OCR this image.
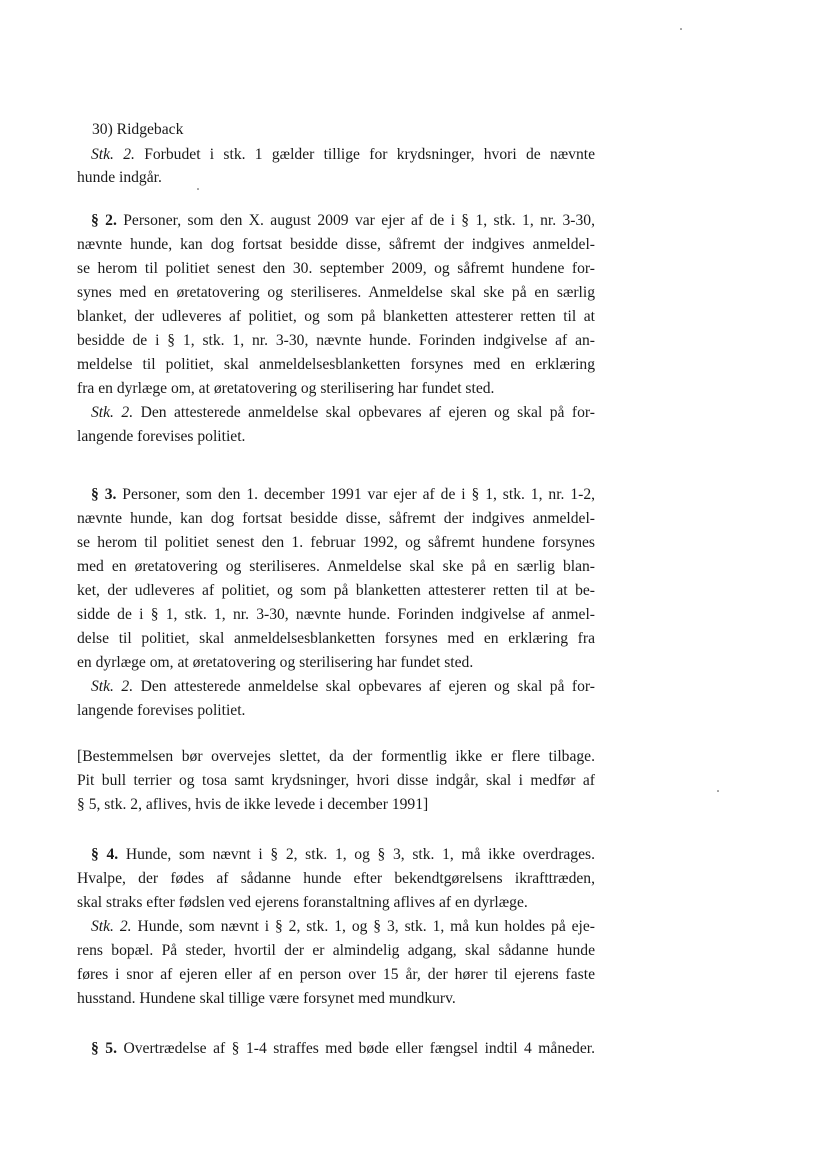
30) Ridgeback
Stk. 2. Forbudet i stk. 1 gælder tillige for krydsninger, hvori de nævnte
hunde indgår.
§ 2. Personer, som den X. august 2009 var ejer af de i § 1, stk. 1, nr. 3-30,
nævnte hunde, kan dog fortsat besidde disse, såfremt der indgives anmeldel-
se herom til politiet senest den 30. september 2009, og såfremt hundene for-
synes med en øretatovering og steriliseres. Anmeldelse skal ske på en særlig
blanket, der udleveres af politiet, og som på blanketten attesterer retten til at
besidde de i § 1, stk. 1, nr. 3-30, nævnte hunde. Forinden indgivelse af an-
meldelse til politiet, skal anmeldelsesblanketten forsynes med en erklæring
fra en dyrlæge om, at øretatovering og sterilisering har fundet sted.
Stk. 2. Den attesterede anmeldelse skal opbevares af ejeren og skal på for-
langende forevises politiet.
§ 3. Personer, som den 1. december 1991 var ejer af de i § 1, stk. 1, nr. 1-2,
nævnte hunde, kan dog fortsat besidde disse, såfremt der indgives anmeldel-
se herom til politiet senest den 1. februar 1992, og såfremt hundene forsynes
med en øretatovering og steriliseres. Anmeldelse skal ske på en særlig blan-
ket, der udleveres af politiet, og som på blanketten attesterer retten til at be-
sidde de i § 1, stk. 1, nr. 3-30, nævnte hunde. Forinden indgivelse af anmel-
delse til politiet, skal anmeldelsesblanketten forsynes med en erklæring fra
en dyrlæge om, at øretatovering og sterilisering har fundet sted.
Stk. 2. Den attesterede anmeldelse skal opbevares af ejeren og skal på for-
langende forevises politiet.
[Bestemmelsen bør overvejes slettet, da der formentlig ikke er flere tilbage.
Pit bull terrier og tosa samt krydsninger, hvori disse indgår, skal i medfør af
§ 5, stk. 2, aflives, hvis de ikke levede i december 1991]
§ 4. Hunde, som nævnt i § 2, stk. 1, og § 3, stk. 1, må ikke overdrages.
Hvalpe, der fødes af sådanne hunde efter bekendtgørelsens ikrafttræden,
skal straks efter fødslen ved ejerens foranstaltning aflives af en dyrlæge.
Stk. 2. Hunde, som nævnt i § 2, stk. 1, og § 3, stk. 1, må kun holdes på eje-
rens bopæl. På steder, hvortil der er almindelig adgang, skal sådanne hunde
føres i snor af ejeren eller af en person over 15 år, der hører til ejerens faste
husstand. Hundene skal tillige være forsynet med mundkurv.
§ 5. Overtrædelse af § 1-4 straffes med bøde eller fængsel indtil 4 måneder.
